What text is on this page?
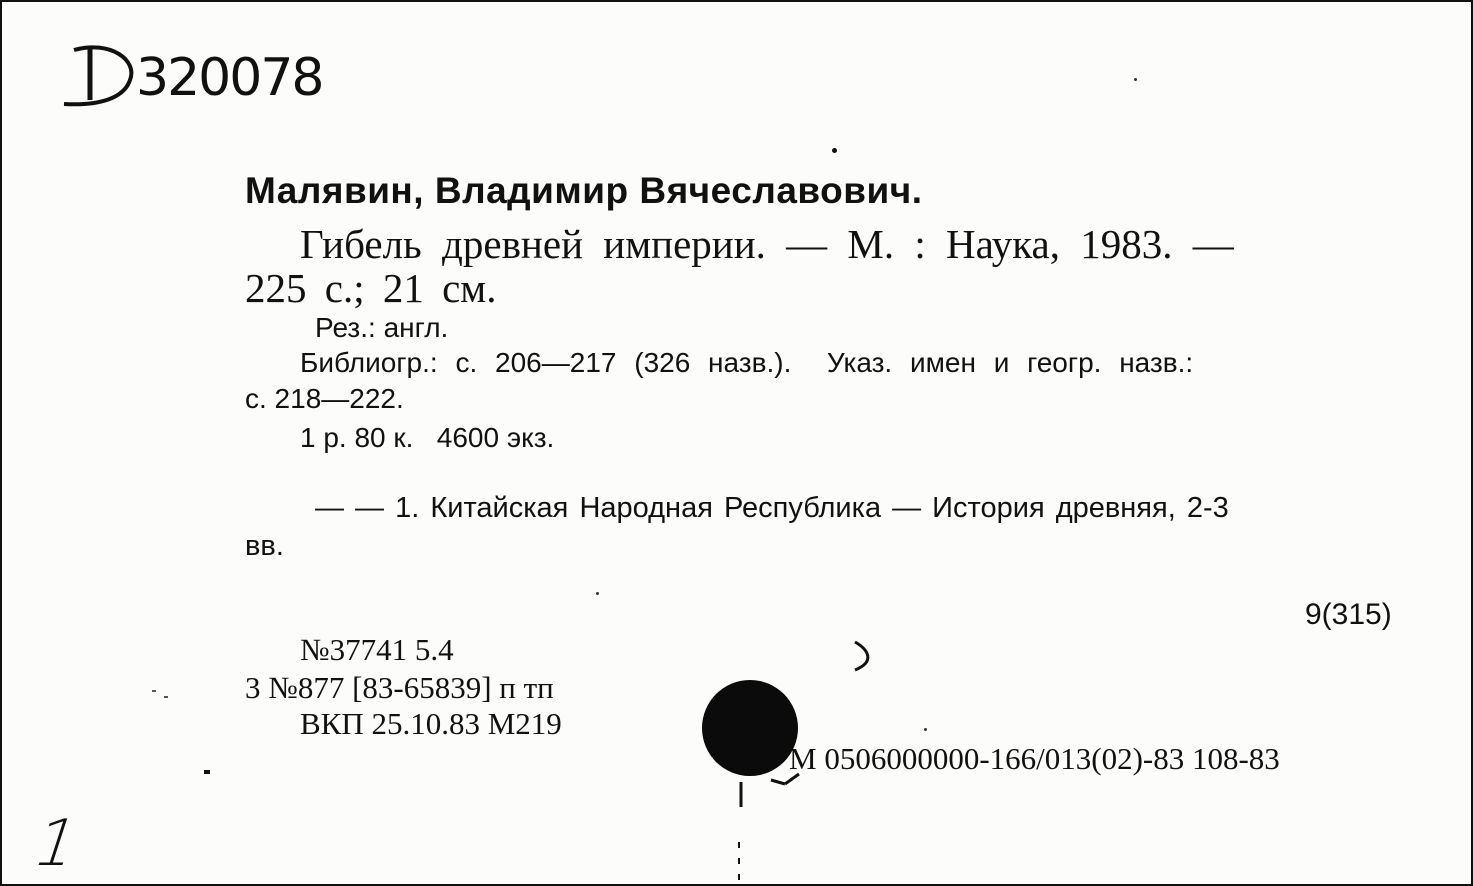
320078
Малявин, Владимир Вячеславович.
Гибель древней империи. — М. : Наука, 1983. —
225 с.; 21 см.
Рез.: англ.
Библиогр.: с. 206—217 (326 назв.).  Указ. имен и геогр. назв.:
с. 218—222.
1 р. 80 к.   4600 экз.
— — 1. Китайская Народная Республика — История древняя, 2-3
вв.
9(315)
№37741 5.4
3 №877 [83-65839] п тп
ВКП 25.10.83 М219
М 0506000000-166/013(02)-83 108-83
1
